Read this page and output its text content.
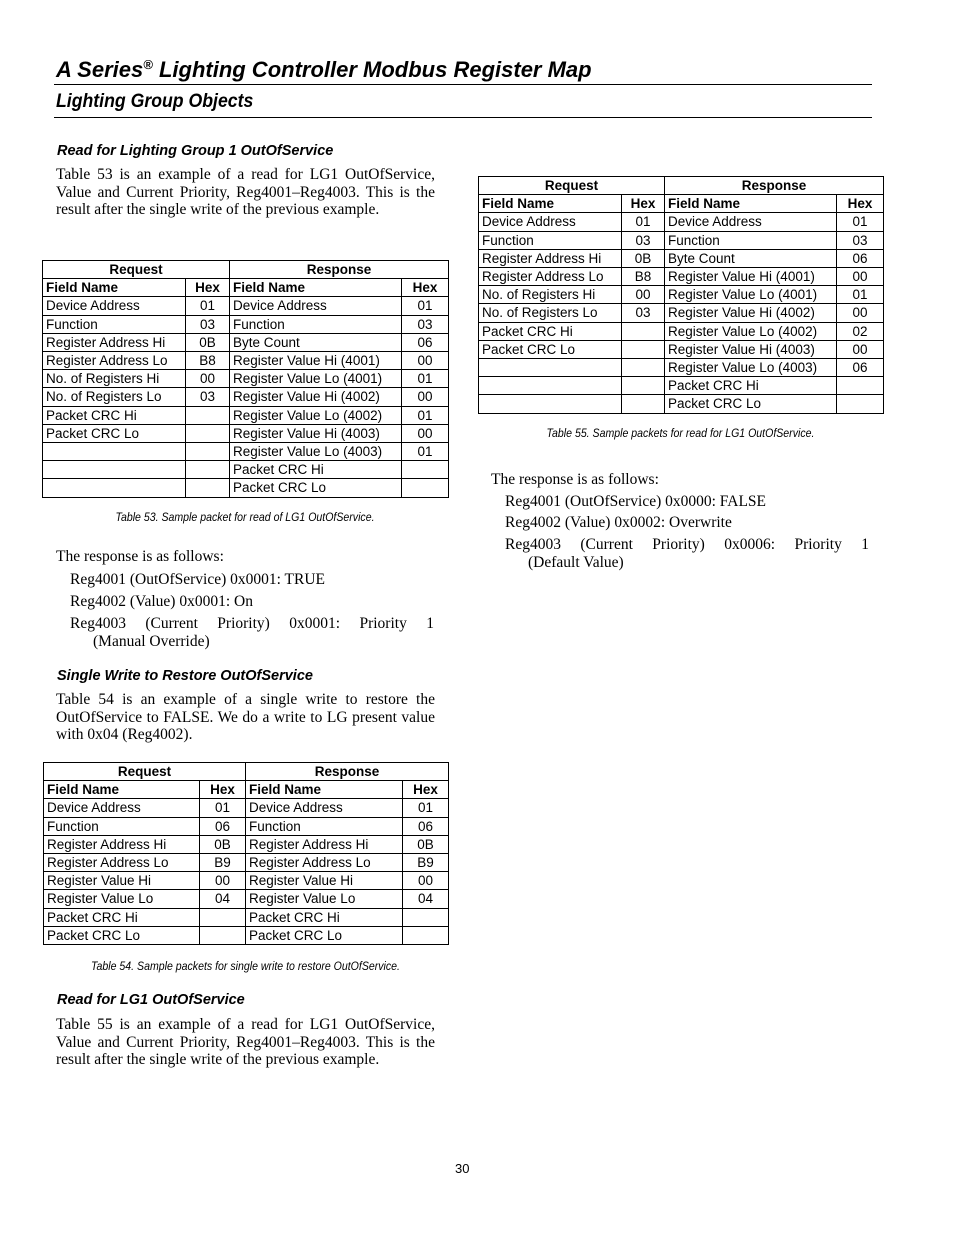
A Series® Lighting Controller Modbus Register Map
Lighting Group Objects
Read for Lighting Group 1 OutOfService

Table 53 is an example of a read for LG1 OutOfService, Value and Current Priority, Reg4001–Reg4003. This is the result after the single write of the previous example.

Request		Response	
Field Name	Hex	Field Name	Hex
Device Address	01	Device Address	01
Function	03	Function	03
Register Address Hi	0B	Byte Count	06
Register Address Lo	B8	Register Value Hi (4001)	00
No. of Registers Hi	00	Register Value Lo (4001)	01
No. of Registers Lo	03	Register Value Hi (4002)	00
Packet CRC Hi		Register Value Lo (4002)	01
Packet CRC Lo		Register Value Hi (4003)	00
		Register Value Lo (4003)	01
		Packet CRC Hi	
		Packet CRC Lo	

Table 53. Sample packet for read of LG1 OutOfService.

The response is as follows:

Reg4001 (OutOfService) 0x0001: TRUE

Reg4002 (Value) 0x0001: On

Reg4003 (Current Priority) 0x0001: Priority 1
(Manual Override)
Single Write to Restore OutOfService

Table 54 is an example of a single write to restore the OutOfService to FALSE. We do a write to LG present value with 0x04 (Reg4002).

Request		Response	
Field Name	Hex	Field Name	Hex
Device Address	01	Device Address	01
Function	06	Function	06
Register Address Hi	0B	Register Address Hi	0B
Register Address Lo	B9	Register Address Lo	B9
Register Value Hi	00	Register Value Hi	00
Register Value Lo	04	Register Value Lo	04
Packet CRC Hi		Packet CRC Hi	
Packet CRC Lo		Packet CRC Lo	

Table 54. Sample packets for single write to restore OutOfService.

Read for LG1 OutOfService

Table 55 is an example of a read for LG1 OutOfService, Value and Current Priority, Reg4001–Reg4003. This is the result after the single write of the previous example.

Request		Response	
Field Name	Hex	Field Name	Hex
Device Address	01	Device Address	01
Function	03	Function	03
Register Address Hi	0B	Byte Count	06
Register Address Lo	B8	Register Value Hi (4001)	00
No. of Registers Hi	00	Register Value Lo (4001)	01
No. of Registers Lo	03	Register Value Hi (4002)	00
Packet CRC Hi		Register Value Lo (4002)	02
Packet CRC Lo		Register Value Hi (4003)	00
		Register Value Lo (4003)	06
		Packet CRC Hi	
		Packet CRC Lo	

Table 55. Sample packets for read for LG1 OutOfService.

The response is as follows:

Reg4001 (OutOfService) 0x0000: FALSE

Reg4002 (Value) 0x0002: Overwrite

Reg4003 (Current Priority) 0x0006: Priority 1
(Default Value)

30
